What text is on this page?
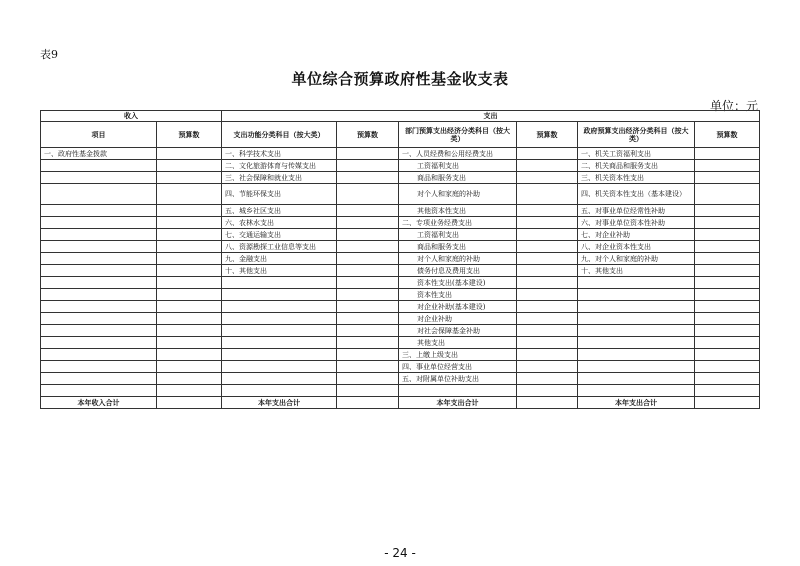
表9
单位综合预算政府性基金收支表
单位：元
收入		支出					
项目	预算数	支出功能分类科目（按大类）	预算数	部门预算支出经济分类科目（按大类）	预算数	政府预算支出经济分类科目（按大类）	预算数
一、政府性基金拨款		一、科学技术支出		一、人员经费和公用经费支出		一、机关工资福利支出	
		二、文化旅游体育与传媒支出		工资福利支出		二、机关商品和服务支出	
		三、社会保障和就业支出		商品和服务支出		三、机关资本性支出	
		四、节能环保支出		对个人和家庭的补助		四、机关资本性支出（基本建设）	
		五、城乡社区支出		其他资本性支出		五、对事业单位经常性补助	
		六、农林水支出		二、专项业务经费支出		六、对事业单位资本性补助	
		七、交通运输支出		工资福利支出		七、对企业补助	
		八、资源勘探工业信息等支出		商品和服务支出		八、对企业资本性支出	
		九、金融支出		对个人和家庭的补助		九、对个人和家庭的补助	
		十、其他支出		债务付息及费用支出		十、其他支出	
				资本性支出(基本建设)			
				资本性支出			
				对企业补助(基本建设)			
				对企业补助			
				对社会保障基金补助			
				其他支出			
				三、上缴上级支出			
				四、事业单位经营支出			
				五、对附属单位补助支出			

本年收入合计		本年支出合计		本年支出合计		本年支出合计	
- 24 -
